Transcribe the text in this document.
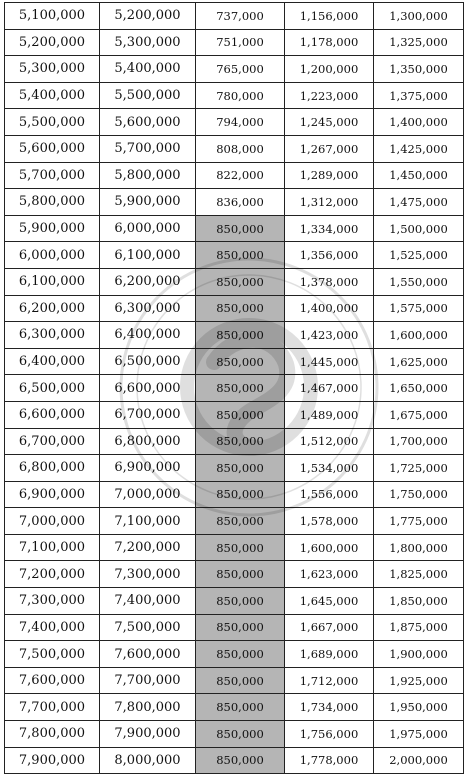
5,100,000	5,200,000	737,000	1,156,000	1,300,000
5,200,000	5,300,000	751,000	1,178,000	1,325,000
5,300,000	5,400,000	765,000	1,200,000	1,350,000
5,400,000	5,500,000	780,000	1,223,000	1,375,000
5,500,000	5,600,000	794,000	1,245,000	1,400,000
5,600,000	5,700,000	808,000	1,267,000	1,425,000
5,700,000	5,800,000	822,000	1,289,000	1,450,000
5,800,000	5,900,000	836,000	1,312,000	1,475,000
5,900,000	6,000,000	850,000	1,334,000	1,500,000
6,000,000	6,100,000	850,000	1,356,000	1,525,000
6,100,000	6,200,000	850,000	1,378,000	1,550,000
6,200,000	6,300,000	850,000	1,400,000	1,575,000
6,300,000	6,400,000	850,000	1,423,000	1,600,000
6,400,000	6,500,000	850,000	1,445,000	1,625,000
6,500,000	6,600,000	850,000	1,467,000	1,650,000
6,600,000	6,700,000	850,000	1,489,000	1,675,000
6,700,000	6,800,000	850,000	1,512,000	1,700,000
6,800,000	6,900,000	850,000	1,534,000	1,725,000
6,900,000	7,000,000	850,000	1,556,000	1,750,000
7,000,000	7,100,000	850,000	1,578,000	1,775,000
7,100,000	7,200,000	850,000	1,600,000	1,800,000
7,200,000	7,300,000	850,000	1,623,000	1,825,000
7,300,000	7,400,000	850,000	1,645,000	1,850,000
7,400,000	7,500,000	850,000	1,667,000	1,875,000
7,500,000	7,600,000	850,000	1,689,000	1,900,000
7,600,000	7,700,000	850,000	1,712,000	1,925,000
7,700,000	7,800,000	850,000	1,734,000	1,950,000
7,800,000	7,900,000	850,000	1,756,000	1,975,000
7,900,000	8,000,000	850,000	1,778,000	2,000,000
